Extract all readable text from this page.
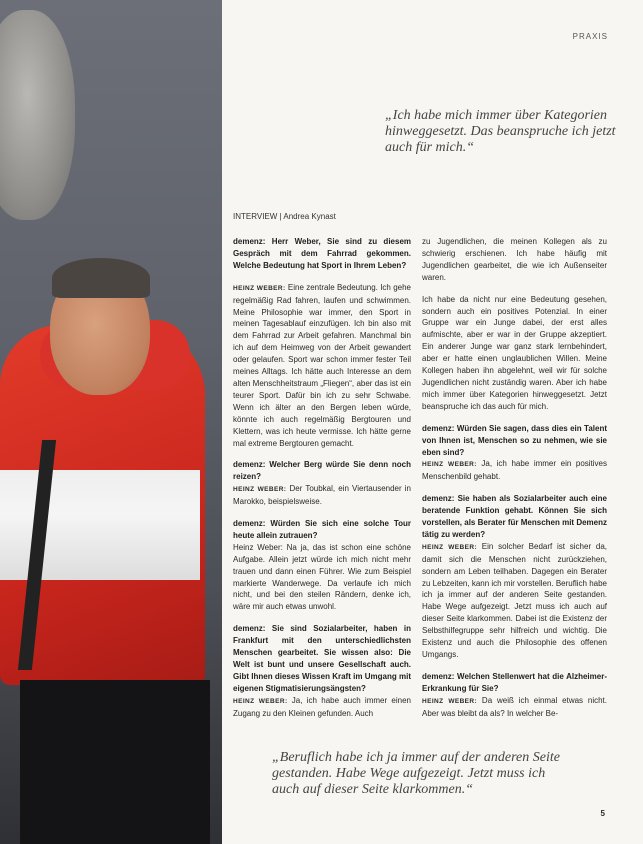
PRAXIS
„Ich habe mich immer über Kategorien hinweggesetzt. Das beanspruche ich jetzt auch für mich.“
INTERVIEW | Andrea Kynast

demenz: Herr Weber, Sie sind zu diesem Gespräch mit dem Fahrrad gekommen. Welche Bedeutung hat Sport in Ihrem Leben?

HEINZ WEBER: Eine zentrale Bedeutung. Ich gehe regelmäßig Rad fahren, laufen und schwimmen. Meine Philosophie war immer, den Sport in meinen Tagesablauf einzufügen. Ich bin also mit dem Fahrrad zur Arbeit gefahren. Manchmal bin ich auf dem Heimweg von der Arbeit gewandert oder gelaufen. Sport war schon immer fester Teil meines Alltags. Ich hätte auch Interesse an dem alten Menschheitstraum „Fliegen“, aber das ist ein teurer Sport. Dafür bin ich zu sehr Schwabe. Wenn ich älter an den Bergen leben würde, könnte ich auch regelmäßig Bergtouren und Klettern, was ich heute vermisse. Ich hätte gerne mal extreme Bergtouren gemacht.

demenz: Welcher Berg würde Sie denn noch reizen?
HEINZ WEBER: Der Toubkal, ein Viertausender in Marokko, beispielsweise.

demenz: Würden Sie sich eine solche Tour heute allein zutrauen?
Heinz Weber: Na ja, das ist schon eine schöne Aufgabe. Allein jetzt würde ich mich nicht mehr trauen und dann einen Führer. Wie zum Beispiel markierte Wanderwege. Da verlaufe ich mich nicht, und bei den steilen Rändern, denke ich, wäre mir auch etwas unwohl.

demenz: Sie sind Sozialarbeiter, haben in Frankfurt mit den unterschiedlichsten Menschen gearbeitet. Sie wissen also: Die Welt ist bunt und unsere Gesellschaft auch. Gibt Ihnen dieses Wissen Kraft im Umgang mit eigenen Stigmatisierungsängsten?
HEINZ WEBER: Ja, ich habe auch immer einen Zugang zu den Kleinen gefunden. Auch

zu Jugendlichen, die meinen Kollegen als zu schwierig erschienen. Ich habe häufig mit Jugendlichen gearbeitet, die wie ich Außenseiter waren.

Ich habe da nicht nur eine Bedeutung gesehen, sondern auch ein positives Potenzial. In einer Gruppe war ein Junge dabei, der erst alles aufmischte, aber er war in der Gruppe akzeptiert. Ein anderer Junge war ganz stark lernbehindert, aber er hatte einen unglaublichen Willen. Meine Kollegen haben ihn abgelehnt, weil wir für solche Jugendlichen nicht zuständig waren. Aber ich habe mich immer über Kategorien hinweggesetzt. Jetzt beanspruche ich das auch für mich.

demenz: Würden Sie sagen, dass dies ein Talent von Ihnen ist, Menschen so zu nehmen, wie sie eben sind?
HEINZ WEBER: Ja, ich habe immer ein positives Menschenbild gehabt.

demenz: Sie haben als Sozialarbeiter auch eine beratende Funktion gehabt. Können Sie sich vorstellen, als Berater für Menschen mit Demenz tätig zu werden?
HEINZ WEBER: Ein solcher Bedarf ist sicher da, damit sich die Menschen nicht zurückziehen, sondern am Leben teilhaben. Dagegen ein Berater zu Lebzeiten, kann ich mir vorstellen. Beruflich habe ich ja immer auf der anderen Seite gestanden. Habe Wege aufgezeigt. Jetzt muss ich auch auf dieser Seite klarkommen. Dabei ist die Existenz der Selbsthilfegruppe sehr hilfreich und wichtig. Die Existenz und auch die Philosophie des offenen Umgangs.

demenz: Welchen Stellenwert hat die Alzheimer-Erkrankung für Sie?
HEINZ WEBER: Da weiß ich einmal etwas nicht. Aber was bleibt da als? In welcher Be-

„Beruflich habe ich ja immer auf der anderen Seite gestanden. Habe Wege aufgezeigt. Jetzt muss ich auch auf dieser Seite klarkommen.“
5
